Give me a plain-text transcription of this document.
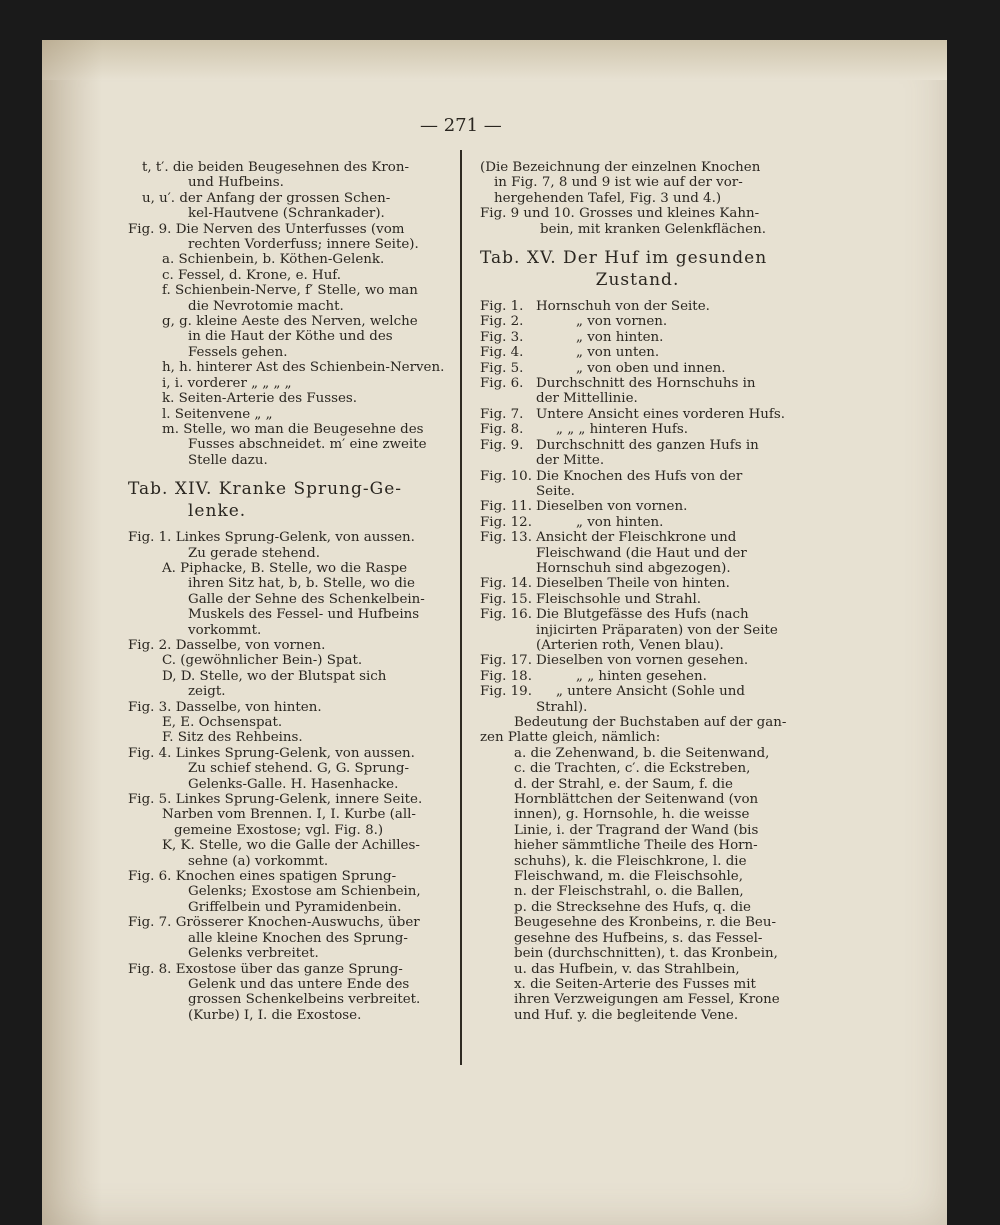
— 271 —
t, t′. die beiden Beugesehnen des Kron-
und Hufbeins.
u, u′. der Anfang der grossen Schen-
kel-Hautvene (Schrankader).
Fig. 9. Die Nerven des Unterfusses (vom
rechten Vorderfuss; innere Seite).
a. Schienbein, b. Köthen-Gelenk.
c. Fessel, d. Krone, e. Huf.
f. Schienbein-Nerve, f′ Stelle, wo man
die Nevrotomie macht.
g, g. kleine Aeste des Nerven, welche
in die Haut der Köthe und des
Fessels gehen.
h, h. hinterer Ast des Schienbein-Nerven.
i, i. vorderer „ „ „ „
k. Seiten-Arterie des Fusses.
l. Seitenvene „ „
m. Stelle, wo man die Beugesehne des
Fusses abschneidet. m′ eine zweite
Stelle dazu.
Tab. XIV. Kranke Sprung-Ge-
lenke.
Fig. 1. Linkes Sprung-Gelenk, von aussen.
Zu gerade stehend.
A. Piphacke, B. Stelle, wo die Raspe
ihren Sitz hat, b, b. Stelle, wo die
Galle der Sehne des Schenkelbein-
Muskels des Fessel- und Hufbeins
vorkommt.
Fig. 2. Dasselbe, von vornen.
C. (gewöhnlicher Bein-) Spat.
D, D. Stelle, wo der Blutspat sich
zeigt.
Fig. 3. Dasselbe, von hinten.
E, E. Ochsenspat.
F. Sitz des Rehbeins.
Fig. 4. Linkes Sprung-Gelenk, von aussen.
Zu schief stehend. G, G. Sprung-
Gelenks-Galle. H. Hasenhacke.
Fig. 5. Linkes Sprung-Gelenk, innere Seite.
Narben vom Brennen. I, I. Kurbe (all-
gemeine Exostose; vgl. Fig. 8.)
K, K. Stelle, wo die Galle der Achilles-
sehne (a) vorkommt.
Fig. 6. Knochen eines spatigen Sprung-
Gelenks; Exostose am Schienbein,
Griffelbein und Pyramidenbein.
Fig. 7. Grösserer Knochen-Auswuchs, über
alle kleine Knochen des Sprung-
Gelenks verbreitet.
Fig. 8. Exostose über das ganze Sprung-
Gelenk und das untere Ende des
grossen Schenkelbeins verbreitet.
(Kurbe) I, I. die Exostose.
(Die Bezeichnung der einzelnen Knochen
in Fig. 7, 8 und 9 ist wie auf der vor-
hergehenden Tafel, Fig. 3 und 4.)
Fig. 9 und 10. Grosses und kleines Kahn-
bein, mit kranken Gelenkflächen.
Tab. XV. Der Huf im gesunden
Zustand.
Fig. 1. Hornschuh von der Seite.
Fig. 2.	„ von vornen.
Fig. 3.	„ von hinten.
Fig. 4.	„ von unten.
Fig. 5.	„ von oben und innen.
Fig. 6. Durchschnitt des Hornschuhs in
der Mittellinie.
Fig. 7. Untere Ansicht eines vorderen Hufs.
Fig. 8.	„ „ „ hinteren Hufs.
Fig. 9. Durchschnitt des ganzen Hufs in
der Mitte.
Fig. 10. Die Knochen des Hufs von der
Seite.
Fig. 11. Dieselben von vornen.
Fig. 12.	„ von hinten.
Fig. 13. Ansicht der Fleischkrone und
Fleischwand (die Haut und der
Hornschuh sind abgezogen).
Fig. 14. Dieselben Theile von hinten.
Fig. 15. Fleischsohle und Strahl.
Fig. 16. Die Blutgefässe des Hufs (nach
injicirten Präparaten) von der Seite
(Arterien roth, Venen blau).
Fig. 17. Dieselben von vornen gesehen.
Fig. 18.	„ „ hinten gesehen.
Fig. 19.	„ untere Ansicht (Sohle und
Strahl).
Bedeutung der Buchstaben auf der gan-
zen Platte gleich, nämlich:
a. die Zehenwand, b. die Seitenwand,
c. die Trachten, c′. die Eckstreben,
d. der Strahl, e. der Saum, f. die
Hornblättchen der Seitenwand (von
innen), g. Hornsohle, h. die weisse
Linie, i. der Tragrand der Wand (bis
hieher sämmtliche Theile des Horn-
schuhs), k. die Fleischkrone, l. die
Fleischwand, m. die Fleischsohle,
n. der Fleischstrahl, o. die Ballen,
p. die Strecksehne des Hufs, q. die
Beugesehne des Kronbeins, r. die Beu-
gesehne des Hufbeins, s. das Fessel-
bein (durchschnitten), t. das Kronbein,
u. das Hufbein, v. das Strahlbein,
x. die Seiten-Arterie des Fusses mit
ihren Verzweigungen am Fessel, Krone
und Huf. y. die begleitende Vene.
